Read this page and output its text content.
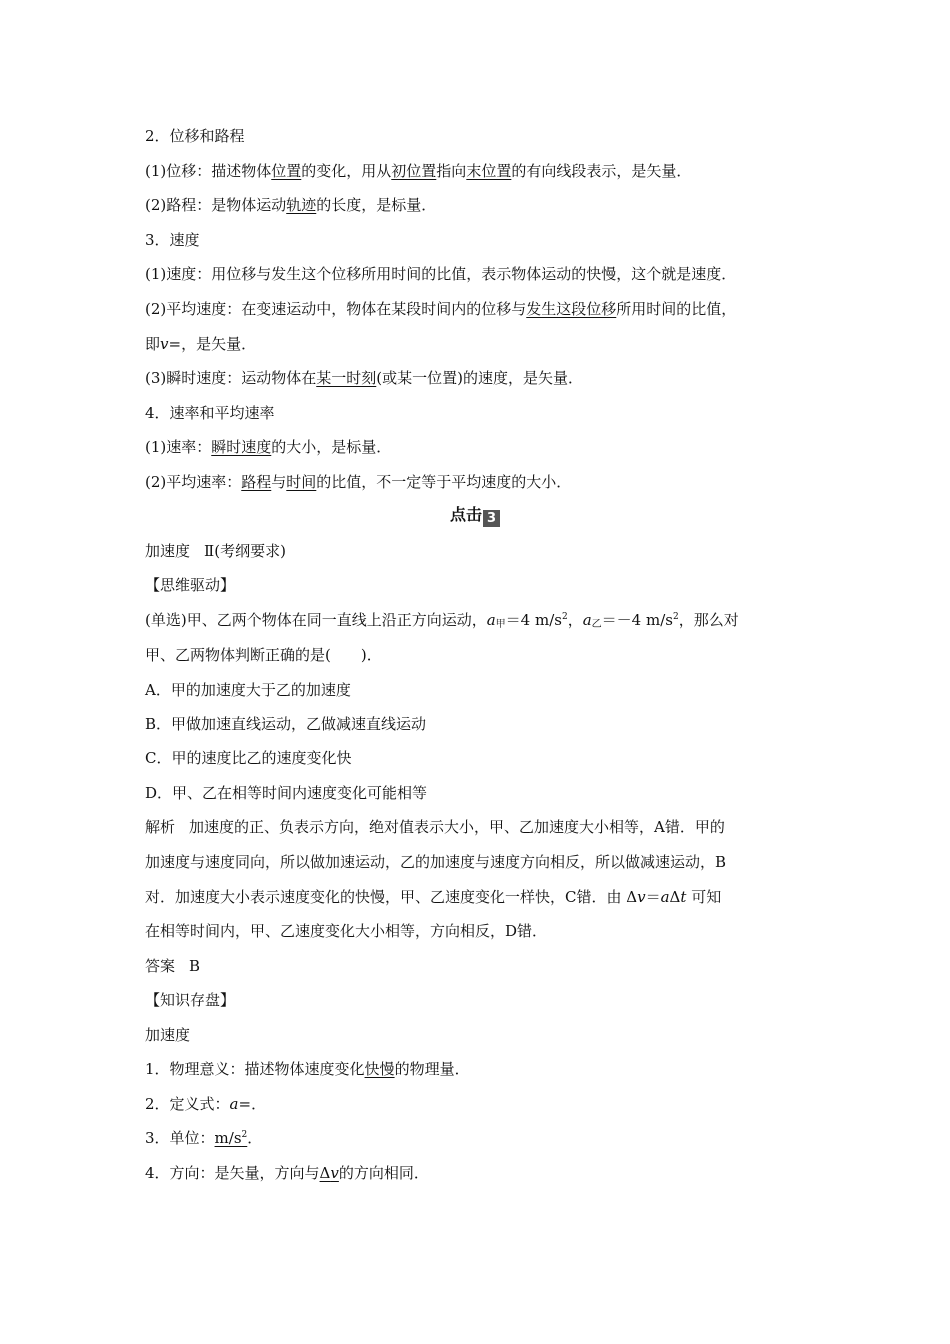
2．位移和路程
(1)位移：描述物体位置的变化，用从初位置指向末位置的有向线段表示，是矢量．
(2)路程：是物体运动轨迹的长度，是标量．
3．速度
(1)速度：用位移与发生这个位移所用时间的比值，表示物体运动的快慢，这个就是速度．
(2)平均速度：在变速运动中，物体在某段时间内的位移与发生这段位移所用时间的比值，
即v=，是矢量．
(3)瞬时速度：运动物体在某一时刻(或某一位置)的速度，是矢量．
4．速率和平均速率
(1)速率：瞬时速度的大小，是标量．
(2)平均速率：路程与时间的比值，不一定等于平均速度的大小．
点击 3
加速度 Ⅱ(考纲要求)
【思维驱动】
(单选)甲、乙两个物体在同一直线上沿正方向运动，$a_甲=4$ $m/s^2$，$a_乙=-4$ $m/s^2$，那么对
甲、乙两物体判断正确的是(　　)．
A．甲的加速度大于乙的加速度
B．甲做加速直线运动，乙做减速直线运动
C．甲的速度比乙的速度变化快
D．甲、乙在相等时间内速度变化可能相等
解析 加速度的正、负表示方向，绝对值表示大小，甲、乙加速度大小相等，A错．甲的
加速度与速度同向，所以做加速运动，乙的加速度与速度方向相反，所以做减速运动，B
对．加速度大小表示速度变化的快慢，甲、乙速度变化一样快，C错．由 Δv＝aΔt 可知
在相等时间内，甲、乙速度变化大小相等，方向相反，D错．
答案 B
【知识存盘】
加速度
1．物理意义：描述物体速度变化快慢的物理量．
2．定义式：a=．
3．单位：$m/s^2$．
4．方向：是矢量，方向与Δv的方向相同．
